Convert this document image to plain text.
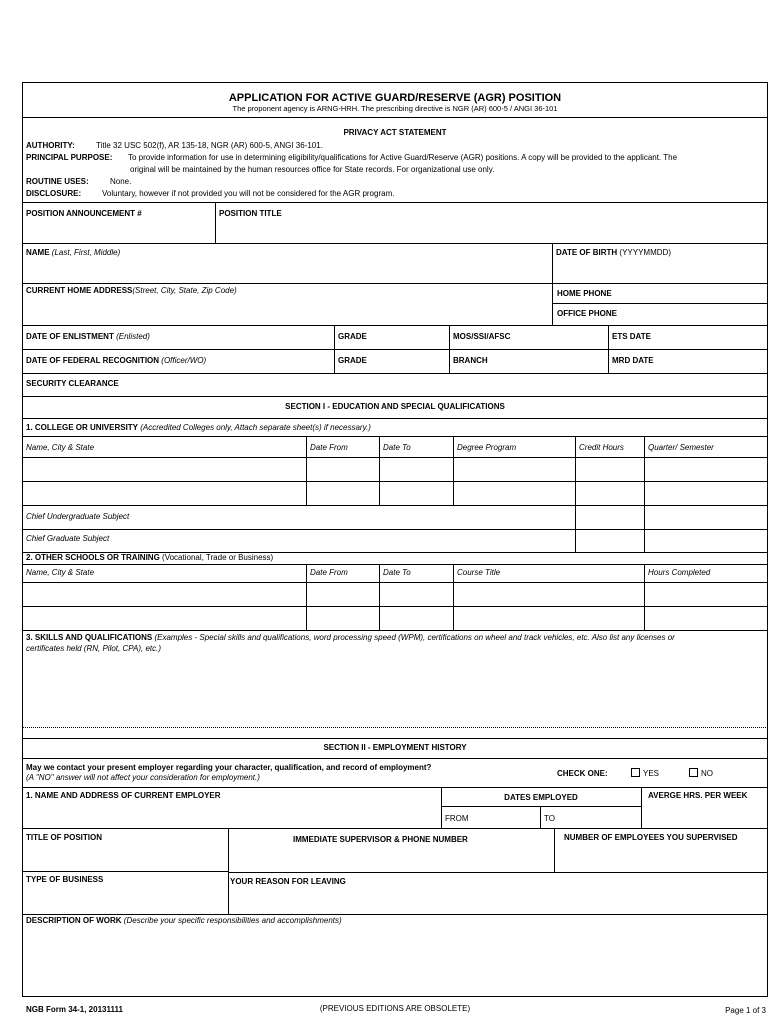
APPLICATION FOR ACTIVE GUARD/RESERVE (AGR) POSITION
The proponent agency is ARNG-HRH. The prescribing directive is NGR (AR) 600-5 / ANGI 36-101
PRIVACY ACT STATEMENT
AUTHORITY:	Title 32 USC 502(f), AR 135-18, NGR (AR) 600-5, ANGI 36-101.
PRINCIPAL PURPOSE: To provide information for use in determining eligibility/qualifications for Active Guard/Reserve (AGR) positions. A copy will be provided to the applicant. The
original will be maintained by the human resources office for State records. For organizational use only.
ROUTINE USES:	None.
DISCLOSURE:	Voluntary, however if not provided you will not be considered for the AGR program.
POSITION ANNOUNCEMENT #	POSITION TITLE
NAME (Last, First, Middle)	DATE OF BIRTH (YYYYMMDD)
CURRENT HOME ADDRESS(Street, City, State, Zip Code)	HOME PHONE
OFFICE PHONE
DATE OF ENLISTMENT (Enlisted)	GRADE	MOS/SSI/AFSC	ETS DATE
DATE OF FEDERAL RECOGNITION (Officer/WO)	GRADE	BRANCH	MRD DATE
SECURITY CLEARANCE
SECTION I - EDUCATION AND SPECIAL QUALIFICATIONS
1. COLLEGE OR UNIVERSITY (Accredited Colleges only, Attach separate sheet(s) if necessary.)
Name, City & State	Date From	Date To	Degree Program	Credit Hours	Quarter/ Semester
Chief Undergraduate Subject
Chief Graduate Subject
2. OTHER SCHOOLS OR TRAINING (Vocational, Trade or Business)
Name, City & State	Date From	Date To	Course Title	Hours Completed
3. SKILLS AND QUALIFICATIONS (Examples - Special skills and qualifications, word processing speed (WPM), certifications on wheel and track vehicles, etc. Also list any licenses or
certificates held (RN, Pilot, CPA), etc.)
SECTION II - EMPLOYMENT HISTORY
May we contact your present employer regarding your character, qualification, and record of employment?
(A "NO" answer will not affect your consideration for employment.)	CHECK ONE:	YES	NO
1. NAME AND ADDRESS OF CURRENT EMPLOYER	DATES EMPLOYED	AVERGE HRS. PER WEEK
FROM	TO
TITLE OF POSITION	IMMEDIATE SUPERVISOR & PHONE NUMBER	NUMBER OF EMPLOYEES YOU SUPERVISED
TYPE OF BUSINESS	YOUR REASON FOR LEAVING
DESCRIPTION OF WORK (Describe your specific responsibilities and accomplishments)
NGB Form 34-1, 20131111	(PREVIOUS EDITIONS ARE OBSOLETE)	Page 1 of 3
